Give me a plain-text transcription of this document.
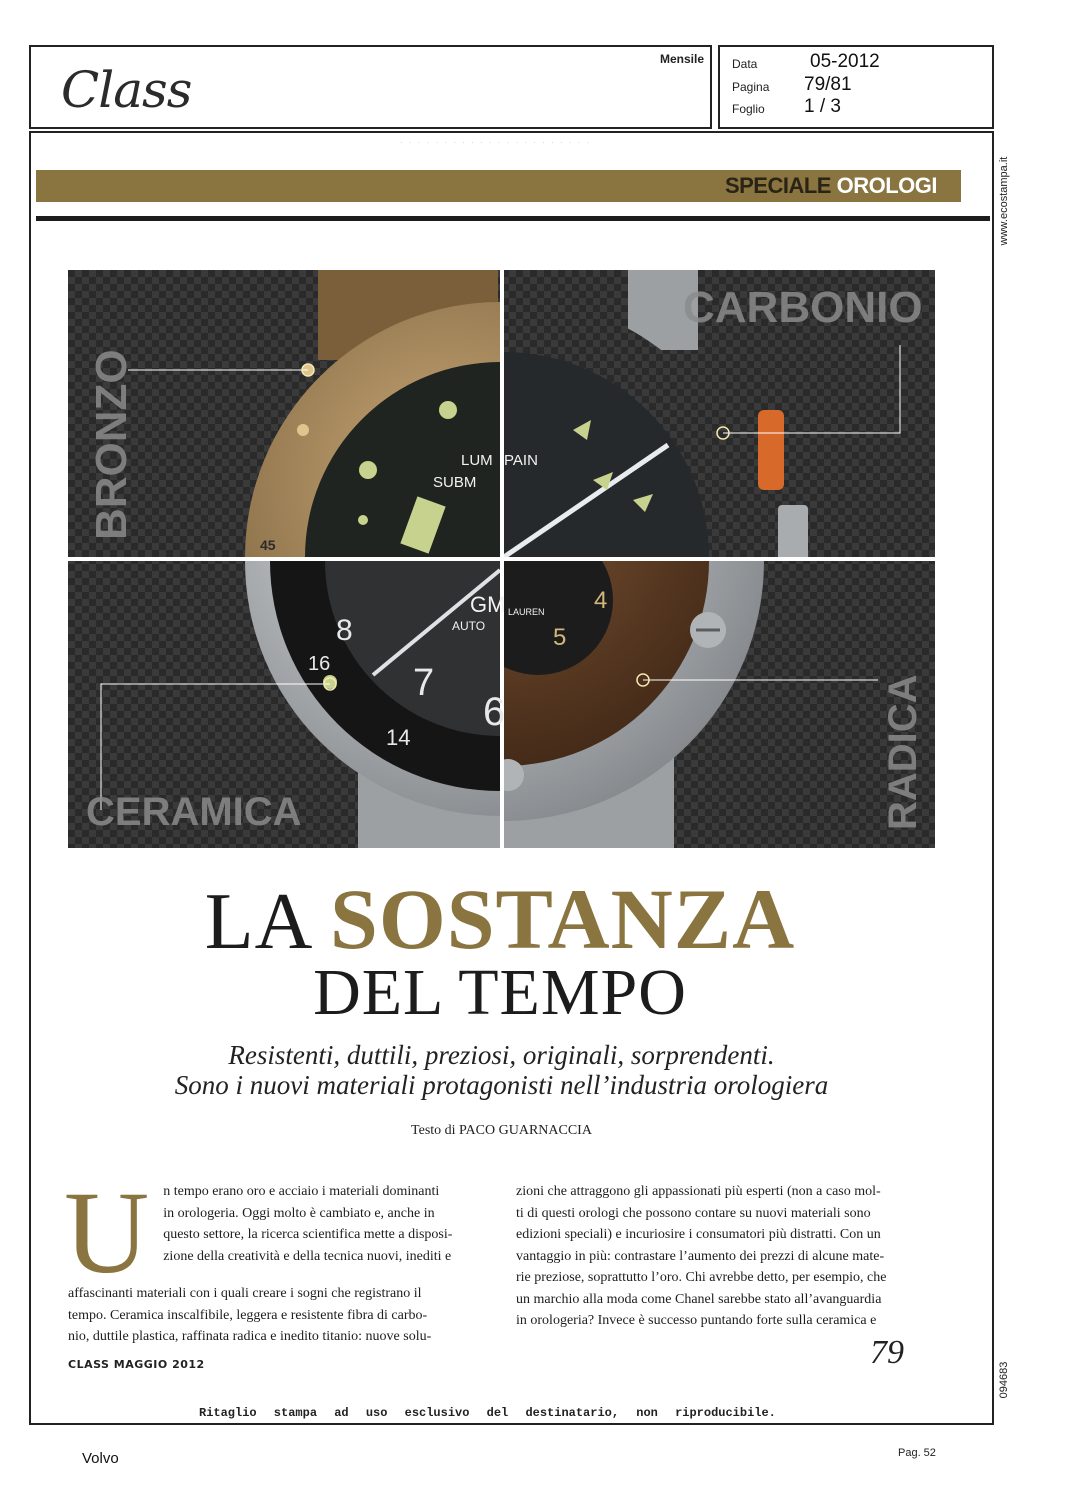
Class
Mensile Data	05-2012
Pagina 79/81
Foglio 1 / 3
www.ecostampa.it
094683
· · · · · · · · · · · · · · · · · · · · · ·
SPECIALE OROLOGI
LUM PAIN
SUBM
GM
AUTO
LAUREN
45
8
7
6
4
5
14
16
BRONZO
CARBONIO
CERAMICA	RADICA
LA SOSTANZA
DEL TEMPO
Resistenti, duttili, preziosi, originali, sorprendenti.
Sono i nuovi materiali protagonisti nell’industria orologiera
Testo di PACO GUARNACCIA
U	n tempo erano oro e acciaio i materiali dominanti
in orologeria. Oggi molto è cambiato e, anche in
questo settore, la ricerca scientifica mette a disposi-
zione della creatività e della tecnica nuovi, inediti e
affascinanti materiali con i quali creare i sogni che registrano il
tempo. Ceramica inscalfibile, leggera e resistente fibra di carbo-
nio, duttile plastica, raffinata radica e inedito titanio: nuove solu-
zioni che attraggono gli appassionati più esperti (non a caso mol-
ti di questi orologi che possono contare su nuovi materiali sono
edizioni speciali) e incuriosire i consumatori più distratti. Con un
vantaggio in più: contrastare l’aumento dei prezzi di alcune mate-
rie preziose, soprattutto l’oro. Chi avrebbe detto, per esempio, che
un marchio alla moda come Chanel sarebbe stato all’avanguardia
in orologeria? Invece è successo puntando forte sulla ceramica e
CLASS MAGGIO 2012	79
Ritaglio stampa ad uso esclusivo del destinatario, non riproducibile.
Volvo	Pag. 52
